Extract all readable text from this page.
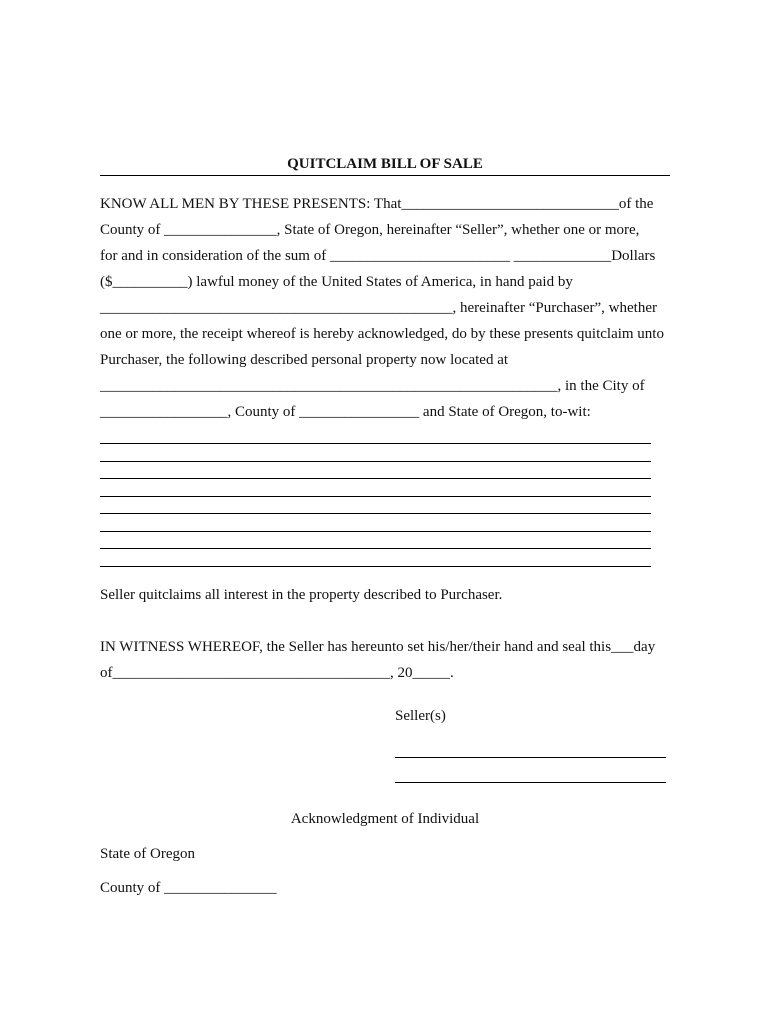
QUITCLAIM BILL OF SALE
KNOW ALL MEN BY THESE PRESENTS: That_____________________________of the
County of _______________, State of Oregon, hereinafter “Seller”, whether one or more,
for and in consideration of the sum of ________________________ _____________Dollars
($__________) lawful money of the United States of America, in hand paid by
_______________________________________________, hereinafter “Purchaser”, whether
one or more, the receipt whereof is hereby acknowledged, do by these presents quitclaim unto
Purchaser, the following described personal property now located at
_____________________________________________________________, in the City of
_________________, County of ________________ and State of Oregon, to-wit:
Seller quitclaims all interest in the property described to Purchaser.
IN WITNESS WHEREOF, the Seller has hereunto set his/her/their hand and seal this___day
of_____________________________________, 20_____.
Seller(s)
Acknowledgment of Individual
State of Oregon
County of _______________
